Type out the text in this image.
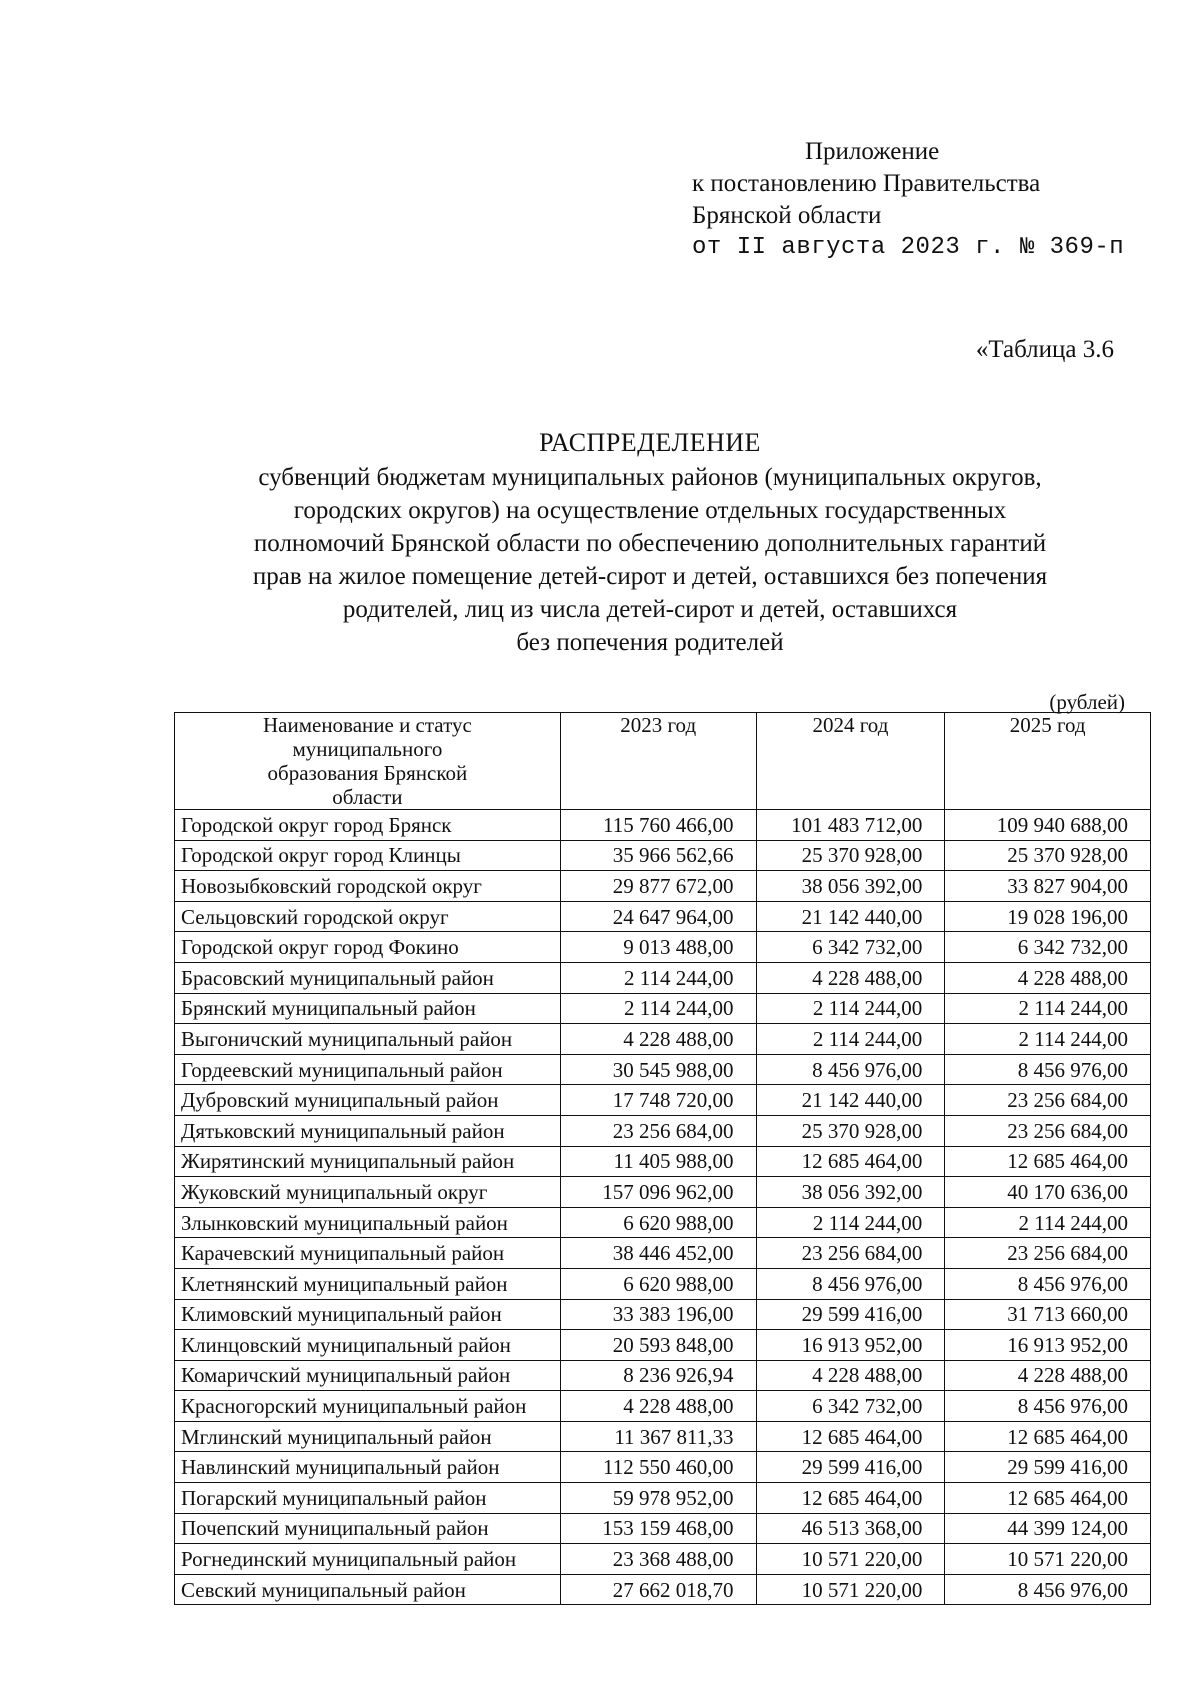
Приложение
к постановлению Правительства
Брянской области
от II августа 2023 г. № 369-п
«Таблица 3.6
РАСПРЕДЕЛЕНИЕ
субвенций бюджетам муниципальных районов (муниципальных округов,
городских округов) на осуществление отдельных государственных
полномочий Брянской области по обеспечению дополнительных гарантий
прав на жилое помещение детей-сирот и детей, оставшихся без попечения
родителей, лиц из числа детей-сирот и детей, оставшихся
без попечения родителей
(рублей)
Наименование и статус муниципального образования Брянской области	2023 год	2024 год	2025 год
Городской округ город Брянск	115 760 466,00	101 483 712,00	109 940 688,00
Городской округ город Клинцы	35 966 562,66	25 370 928,00	25 370 928,00
Новозыбковский городской округ	29 877 672,00	38 056 392,00	33 827 904,00
Сельцовский городской округ	24 647 964,00	21 142 440,00	19 028 196,00
Городской округ город Фокино	9 013 488,00	6 342 732,00	6 342 732,00
Брасовский муниципальный район	2 114 244,00	4 228 488,00	4 228 488,00
Брянский муниципальный район	2 114 244,00	2 114 244,00	2 114 244,00
Выгоничский муниципальный район	4 228 488,00	2 114 244,00	2 114 244,00
Гордеевский муниципальный район	30 545 988,00	8 456 976,00	8 456 976,00
Дубровский муниципальный район	17 748 720,00	21 142 440,00	23 256 684,00
Дятьковский муниципальный район	23 256 684,00	25 370 928,00	23 256 684,00
Жирятинский муниципальный район	11 405 988,00	12 685 464,00	12 685 464,00
Жуковский муниципальный округ	157 096 962,00	38 056 392,00	40 170 636,00
Злынковский муниципальный район	6 620 988,00	2 114 244,00	2 114 244,00
Карачевский муниципальный район	38 446 452,00	23 256 684,00	23 256 684,00
Клетнянский муниципальный район	6 620 988,00	8 456 976,00	8 456 976,00
Климовский муниципальный район	33 383 196,00	29 599 416,00	31 713 660,00
Клинцовский муниципальный район	20 593 848,00	16 913 952,00	16 913 952,00
Комаричский муниципальный район	8 236 926,94	4 228 488,00	4 228 488,00
Красногорский муниципальный район	4 228 488,00	6 342 732,00	8 456 976,00
Мглинский муниципальный район	11 367 811,33	12 685 464,00	12 685 464,00
Навлинский муниципальный район	112 550 460,00	29 599 416,00	29 599 416,00
Погарский муниципальный район	59 978 952,00	12 685 464,00	12 685 464,00
Почепский муниципальный район	153 159 468,00	46 513 368,00	44 399 124,00
Рогнединский муниципальный район	23 368 488,00	10 571 220,00	10 571 220,00
Севский муниципальный район	27 662 018,70	10 571 220,00	8 456 976,00
